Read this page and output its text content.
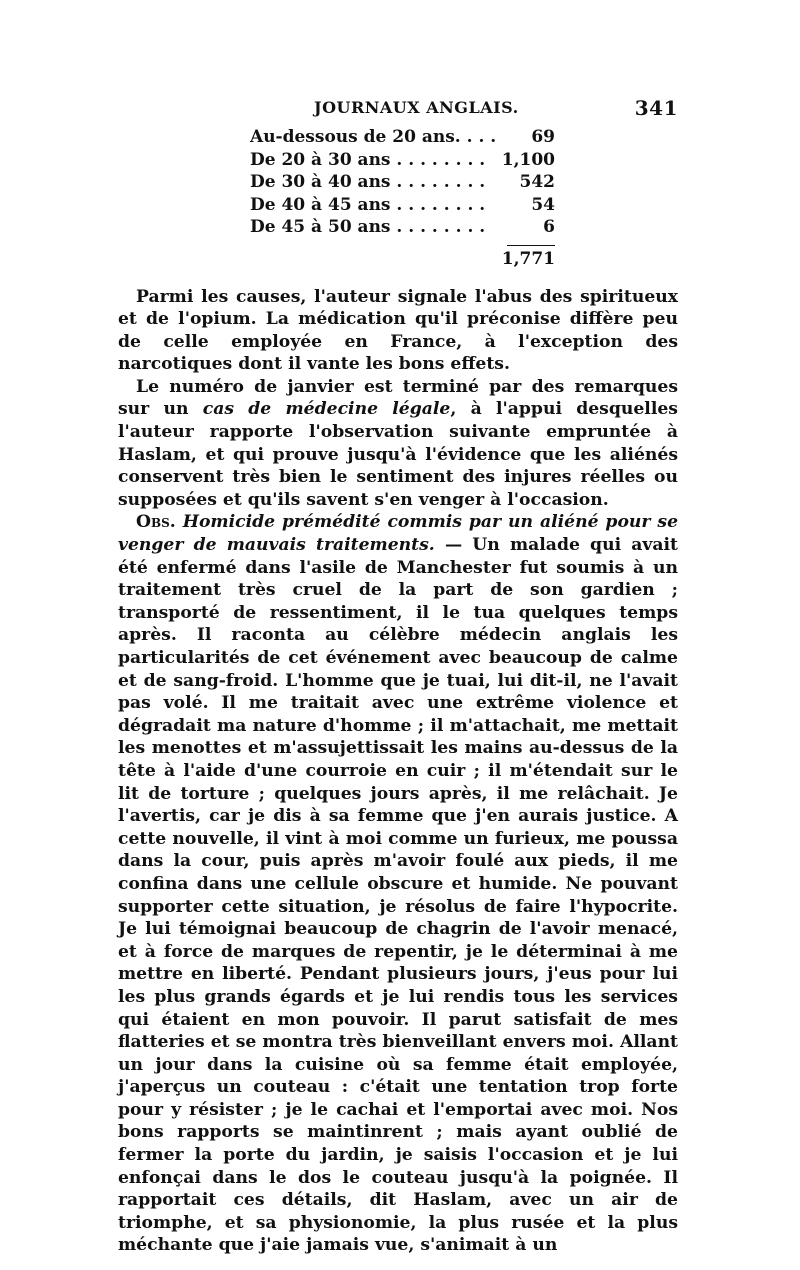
JOURNAUX ANGLAIS.	341
Au-dessous de 20 ans. . . .	69
De 20 à 30 ans . . . . . . . . 1,100
De 30 à 40 ans . . . . . . . .	542
De 40 à 45 ans . . . . . . . .	54
De 45 à 50 ans . . . . . . . .	6
1,771

Parmi les causes, l'auteur signale l'abus des spiritueux et de l'opium. La médication qu'il préconise diffère peu de celle employée en France, à l'exception des narcotiques dont il vante les bons effets.

Le numéro de janvier est terminé par des remarques sur un cas de médecine légale, à l'appui desquelles l'auteur rapporte l'observation suivante empruntée à Haslam, et qui prouve jusqu'à l'évidence que les aliénés conservent très bien le sentiment des injures réelles ou supposées et qu'ils savent s'en venger à l'occasion.

Obs. Homicide prémédité commis par un aliéné pour se venger de mauvais traitements. — Un malade qui avait été enfermé dans l'asile de Manchester fut soumis à un traitement très cruel de la part de son gardien ; transporté de ressentiment, il le tua quelques temps après. Il raconta au célèbre médecin anglais les particularités de cet événement avec beaucoup de calme et de sang-froid. L'homme que je tuai, lui dit-il, ne l'avait pas volé. Il me traitait avec une extrême violence et dégradait ma nature d'homme ; il m'attachait, me mettait les menottes et m'assujettissait les mains au-dessus de la tête à l'aide d'une courroie en cuir ; il m'étendait sur le lit de torture ; quelques jours après, il me relâchait. Je l'avertis, car je dis à sa femme que j'en aurais justice. A cette nouvelle, il vint à moi comme un furieux, me poussa dans la cour, puis après m'avoir foulé aux pieds, il me confina dans une cellule obscure et humide. Ne pouvant supporter cette situation, je résolus de faire l'hypocrite. Je lui témoignai beaucoup de chagrin de l'avoir menacé, et à force de marques de repentir, je le déterminai à me mettre en liberté. Pendant plusieurs jours, j'eus pour lui les plus grands égards et je lui rendis tous les services qui étaient en mon pouvoir. Il parut satisfait de mes flatteries et se montra très bienveillant envers moi. Allant un jour dans la cuisine où sa femme était employée, j'aperçus un couteau : c'était une tentation trop forte pour y résister ; je le cachai et l'emportai avec moi. Nos bons rapports se maintinrent ; mais ayant oublié de fermer la porte du jardin, je saisis l'occasion et je lui enfonçai dans le dos le couteau jusqu'à la poignée. Il rapportait ces détails, dit Haslam, avec un air de triomphe, et sa physionomie, la plus rusée et la plus méchante que j'aie jamais vue, s'animait à un
